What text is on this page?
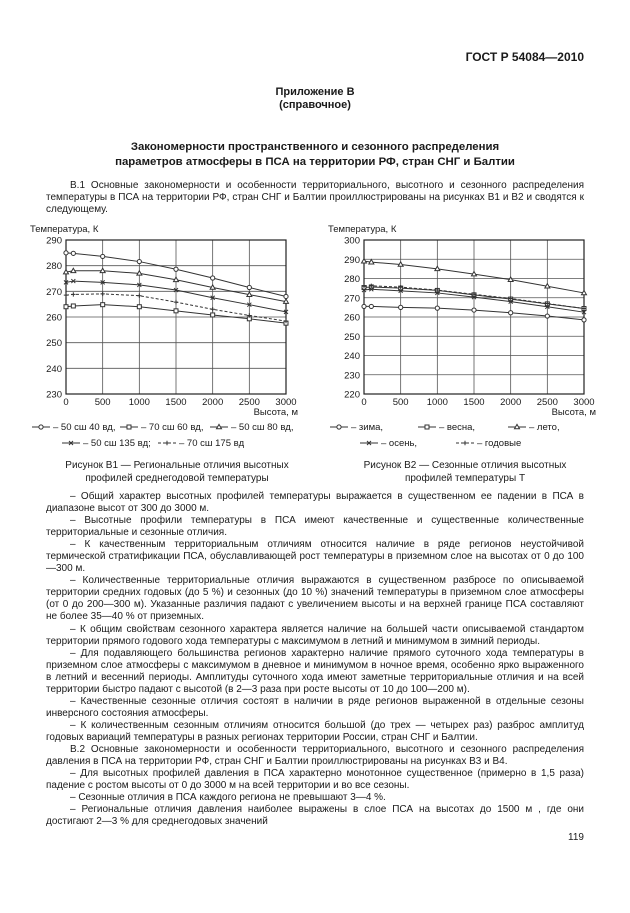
ГОСТ Р 54084—2010
Приложение В
(справочное)
Закономерности пространственного и сезонного распределения
параметров атмосферы в ПСА на территории РФ, стран СНГ и Балтии
В.1 Основные закономерности и особенности территориального, высотного и сезонного распределения температуры в ПСА на территории РФ, стран СНГ и Балтии проиллюстрированы на рисунках В1 и В2 и сводятся к следующему.
Температура, К
230
240
250
260
270
280
290
0	500 1000 1500 2000 2500 3000
Высота, м
– 50 сш 40 вд,	– 70 сш 60 вд,	– 50 сш 80 вд,
– 50 сш 135 вд;	– 70 сш 175 вд
Температура, К
220
230
240
250
260
270
280
290
300
0	500 1000 1500 2000 2500 3000
Высота, м
– зима,	– весна,	– лето,
– осень,	– годовые
Рисунок В1 — Региональные отличия высотных
профилей среднегодовой температуры
Рисунок В2 — Сезонные отличия высотных
профилей температуры Т

– Общий характер высотных профилей температуры выражается в существенном ее падении в ПСА в диапазоне высот от 300 до 3000 м.

– Высотные профили температуры в ПСА имеют качественные и существенные количественные территориальные и сезонные отличия.

– К качественным территориальным отличиям относится наличие в ряде регионов неустойчивой термической стратификации ПСА, обуславливающей рост температуры в приземном слое на высотах от 0 до 100—300 м.

– Количественные территориальные отличия выражаются в существенном разбросе по описываемой территории средних годовых (до 5 %) и сезонных (до 10 %) значений температуры в приземном слое атмосферы (от 0 до 200—300 м). Указанные различия падают с увеличением высоты и на верхней границе ПСА составляют не более 35—40 % от приземных.

– К общим свойствам сезонного характера является наличие на большей части описываемой стандартом территории прямого годового хода температуры с максимумом в летний и минимумом в зимний периоды.

– Для подавляющего большинства регионов характерно наличие прямого суточного хода температуры в приземном слое атмосферы с максимумом в дневное и минимумом в ночное время, особенно ярко выраженного в летний и весенний периоды. Амплитуды суточного хода имеют заметные территориальные отличия и на всей территории быстро падают с высотой (в 2—3 раза при росте высоты от 10 до 100—200 м).

– Качественные сезонные отличия состоят в наличии в ряде регионов выраженной в отдельные сезоны инверсного состояния атмосферы.

– К количественным сезонным отличиям относится большой (до трех — четырех раз) разброс амплитуд годовых вариаций температуры в разных регионах территории России, стран СНГ и Балтии.

В.2 Основные закономерности и особенности территориального, высотного и сезонного распределения давления в ПСА на территории РФ, стран СНГ и Балтии проиллюстрированы на рисунках В3 и В4.

– Для высотных профилей давления в ПСА характерно монотонное существенное (примерно в 1,5 раза) падение с ростом высоты от 0 до 3000 м на всей территории и во все сезоны.

– Сезонные отличия в ПСА каждого региона не превышают 3—4 %.

– Региональные отличия давления наиболее выражены в слое ПСА на высотах до 1500 м , где они достигают 2—3 % для среднегодовых значений

119
